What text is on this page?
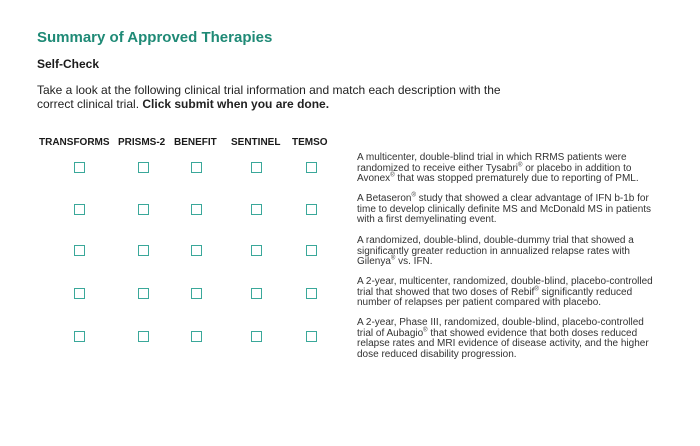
Summary of Approved Therapies
Self-Check
Take a look at the following clinical trial information and match each description with the correct clinical trial. Click submit when you are done.
TRANSFORMS PRISMS-2 BENEFIT SENTINEL TEMSO
A multicenter, double-blind trial in which RRMS patients were randomized to receive either Tysabri® or placebo in addition to Avonex® that was stopped prematurely due to reporting of PML.
A Betaseron® study that showed a clear advantage of IFN b-1b for time to develop clinically definite MS and McDonald MS in patients with a first demyelinating event.
A randomized, double-blind, double-dummy trial that showed a significantly greater reduction in annualized relapse rates with Gilenya® vs. IFN.
A 2-year, multicenter, randomized, double-blind, placebo-controlled trial that showed that two doses of Rebif® significantly reduced number of relapses per patient compared with placebo.
A 2-year, Phase III, randomized, double-blind, placebo-controlled trial of Aubagio® that showed evidence that both doses reduced relapse rates and MRI evidence of disease activity, and the higher dose reduced disability progression.
